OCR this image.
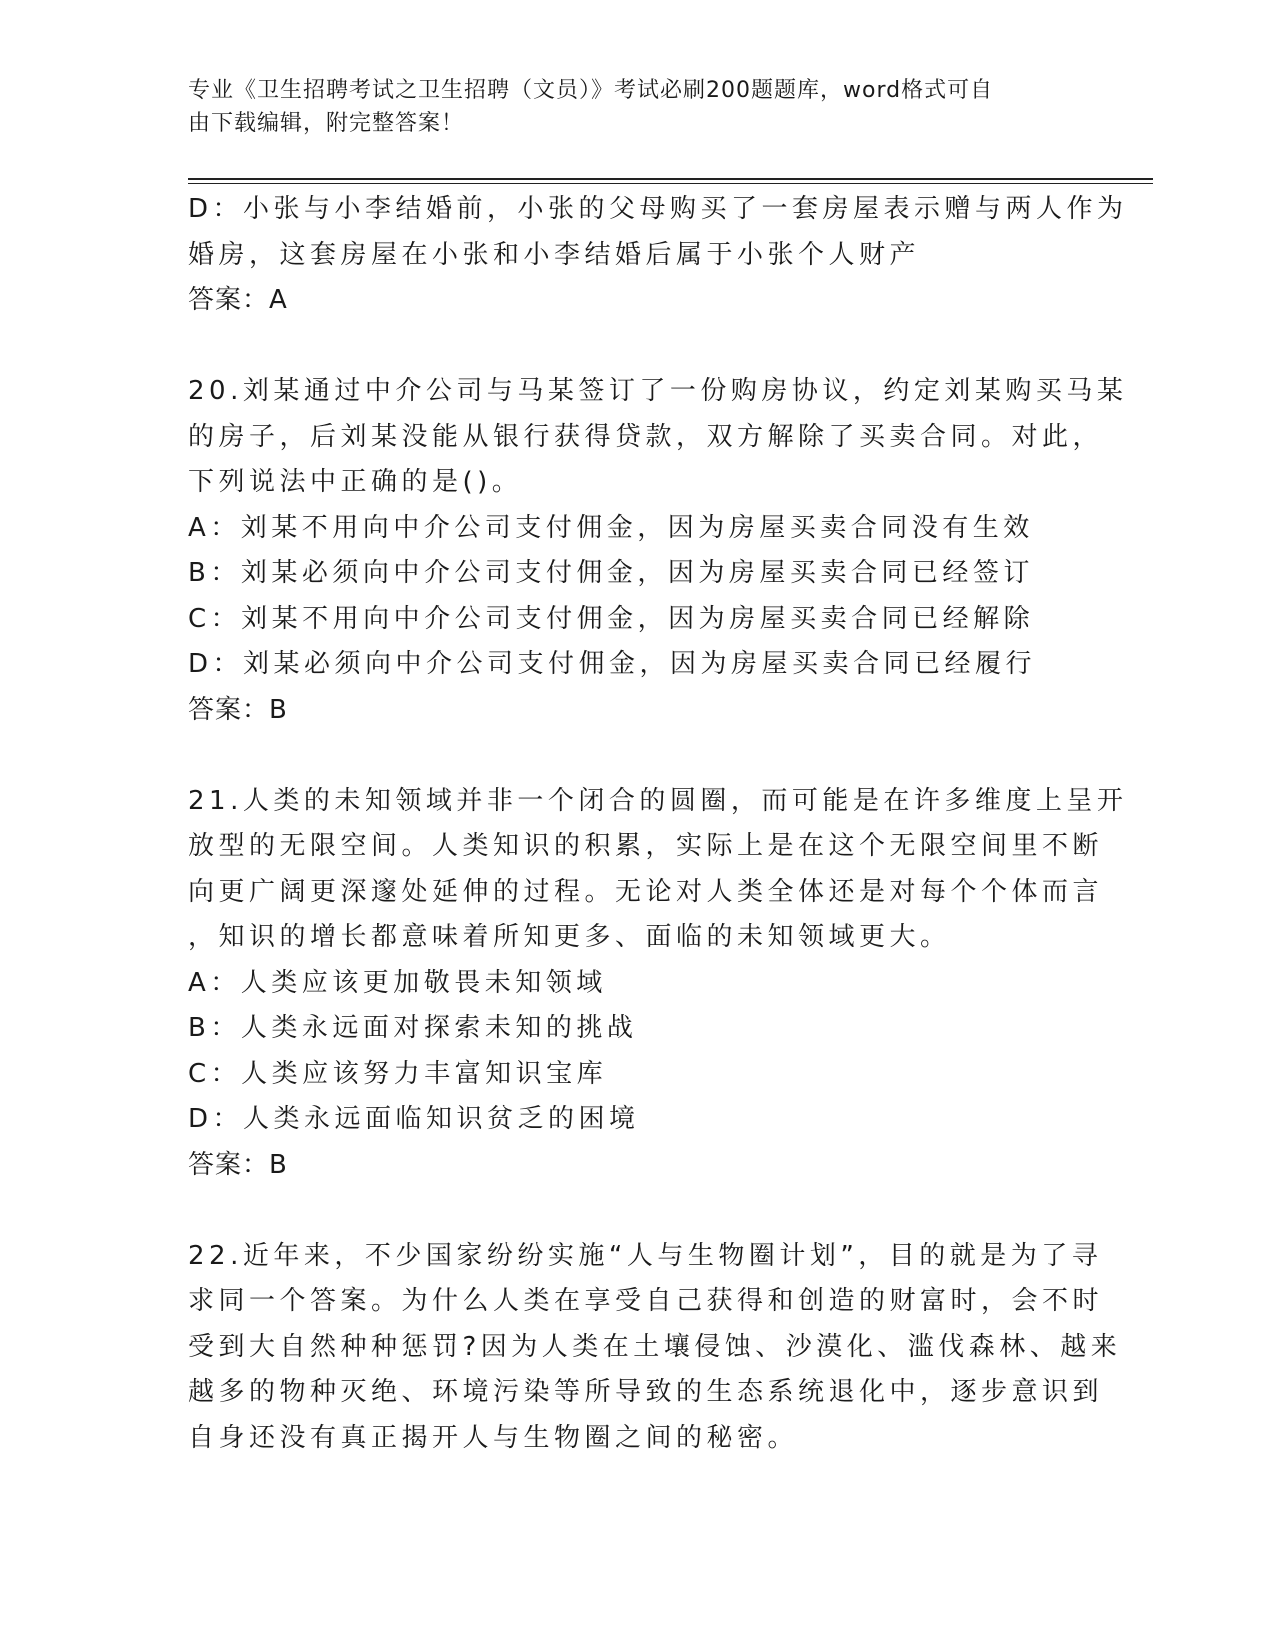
专业《卫生招聘考试之卫生招聘（文员）》考试必刷200题题库，word格式可自
由下载编辑，附完整答案！
D：小张与小李结婚前，小张的父母购买了一套房屋表示赠与两人作为
婚房，这套房屋在小张和小李结婚后属于小张个人财产
答案：A
20.刘某通过中介公司与马某签订了一份购房协议，约定刘某购买马某
的房子，后刘某没能从银行获得贷款，双方解除了买卖合同。对此，
下列说法中正确的是()。
A：刘某不用向中介公司支付佣金，因为房屋买卖合同没有生效
B：刘某必须向中介公司支付佣金，因为房屋买卖合同已经签订
C：刘某不用向中介公司支付佣金，因为房屋买卖合同已经解除
D：刘某必须向中介公司支付佣金，因为房屋买卖合同已经履行
答案：B
21.人类的未知领域并非一个闭合的圆圈，而可能是在许多维度上呈开
放型的无限空间。人类知识的积累，实际上是在这个无限空间里不断
向更广阔更深邃处延伸的过程。无论对人类全体还是对每个个体而言
，知识的增长都意味着所知更多、面临的未知领域更大。
A：人类应该更加敬畏未知领域
B：人类永远面对探索未知的挑战
C：人类应该努力丰富知识宝库
D：人类永远面临知识贫乏的困境
答案：B
22.近年来，不少国家纷纷实施“人与生物圈计划”，目的就是为了寻
求同一个答案。为什么人类在享受自己获得和创造的财富时，会不时
受到大自然种种惩罚?因为人类在土壤侵蚀、沙漠化、滥伐森林、越来
越多的物种灭绝、环境污染等所导致的生态系统退化中，逐步意识到
自身还没有真正揭开人与生物圈之间的秘密。
